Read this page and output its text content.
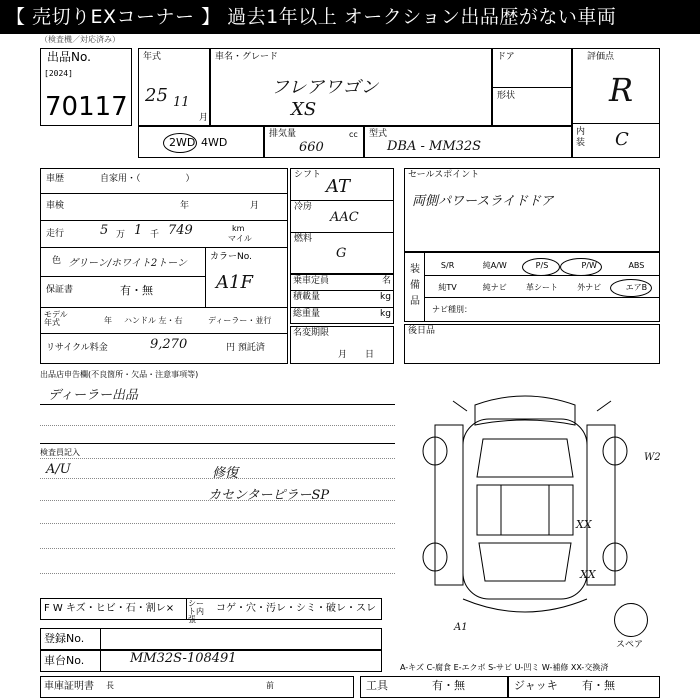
【 売切りEXコーナー 】 過去1年以上 オークション出品歴がない車両
（検査機／対応済み）
出品No.
[2024]
70117
年式
25 11
月
車名・グレード
フレアワゴン
XS
ドア
形状
評価点
R
内装 C
2WD 4WD
排気量	cc
660
型式
DBA - MM32S
車歴	自家用・（　　　　　）
車検	年	月
走行	5 万 1 千 749	km
マイル
色 グリーン/ホワイト2トーン
カラーNo.
A1F
保証書	有・無
モデル年式	年 ハンドル 左・右	ディーラー・並行
リサイクル料金	9,270	円 預託済
シフト
AT
冷房
AAC
燃料
G
乗車定員	名
積載量	kg
総重量	kg
名変期限
月　　日
セールスポイント
両側パワースライドドア
装備品
S/R	純A/W	P/S	P/W	ABS
純TV	純ナビ	革シート	外ナビ	エアB
ナビ種別：
後日品
出品店申告欄(不良箇所・欠品・注意事項等)
ディーラー出品
検査員記入
A/U	修復
カセンターピラーSP
W2
XX
XX
A1
スペア
F W キズ・ヒビ・石・割レ× シート内張
コゲ・穴・汚レ・シミ・破レ・スレ
登録No.
車台No.	MM32S-108491
A-キズ C-腐食 E-エクボ S-サビ U-凹ミ W-補修 XX-交換済
車庫証明書 長	前	工具	有・無	ジャッキ 有・無
